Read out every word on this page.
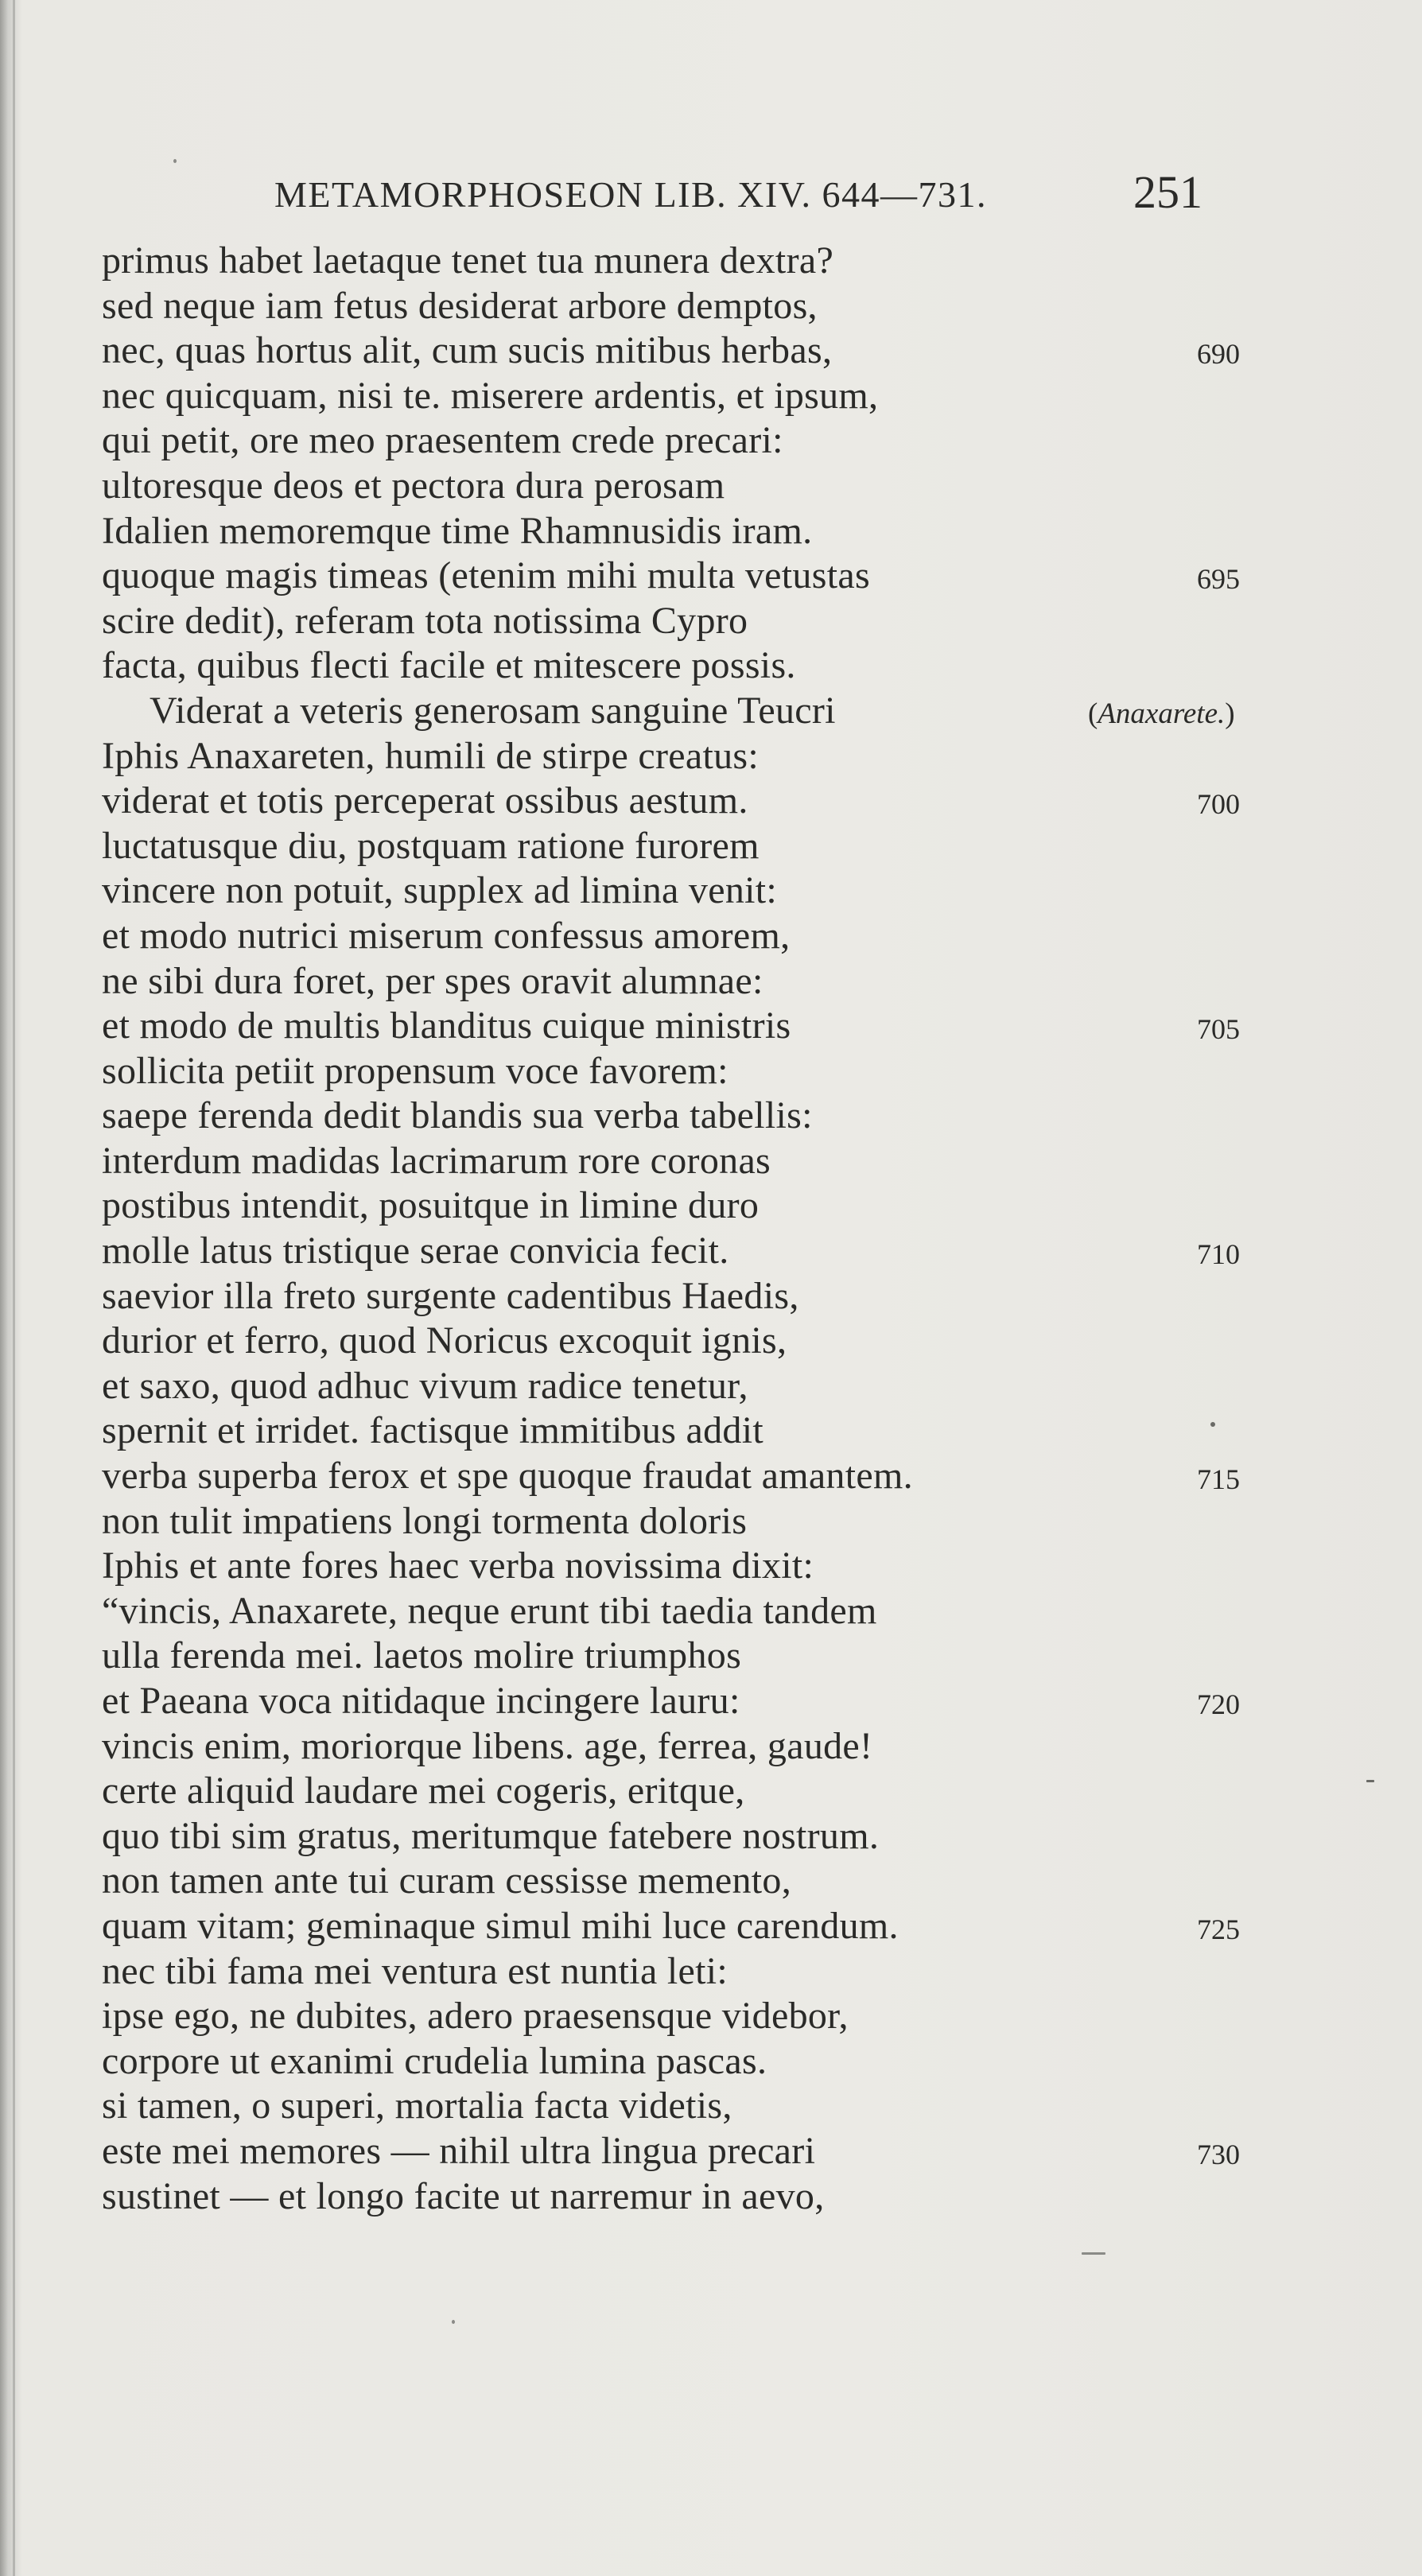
METAMORPHOSEON LIB. XIV. 644—731.	251
primus habet laetaque tenet tua munera dextra?
sed neque iam fetus desiderat arbore demptos,
nec, quas hortus alit, cum sucis mitibus herbas,	690
nec quicquam, nisi te. miserere ardentis, et ipsum,
qui petit, ore meo praesentem crede precari:
ultoresque deos et pectora dura perosam
Idalien memoremque time Rhamnusidis iram.
quoque magis timeas (etenim mihi multa vetustas	695
scire dedit), referam tota notissima Cypro
facta, quibus flecti facile et mitescere possis.
Viderat a veteris generosam sanguine Teucri	(Anaxarete.)
Iphis Anaxareten, humili de stirpe creatus:
viderat et totis perceperat ossibus aestum.	700
luctatusque diu, postquam ratione furorem
vincere non potuit, supplex ad limina venit:
et modo nutrici miserum confessus amorem,
ne sibi dura foret, per spes oravit alumnae:
et modo de multis blanditus cuique ministris	705
sollicita petiit propensum voce favorem:
saepe ferenda dedit blandis sua verba tabellis:
interdum madidas lacrimarum rore coronas
postibus intendit, posuitque in limine duro
molle latus tristique serae convicia fecit.	710
saevior illa freto surgente cadentibus Haedis,
durior et ferro, quod Noricus excoquit ignis,
et saxo, quod adhuc vivum radice tenetur,
spernit et irridet. factisque immitibus addit
verba superba ferox et spe quoque fraudat amantem.	715
non tulit impatiens longi tormenta doloris
Iphis et ante fores haec verba novissima dixit:
“vincis, Anaxarete, neque erunt tibi taedia tandem
ulla ferenda mei. laetos molire triumphos
et Paeana voca nitidaque incingere lauru:	720
vincis enim, moriorque libens. age, ferrea, gaude!
certe aliquid laudare mei cogeris, eritque,
quo tibi sim gratus, meritumque fatebere nostrum.
non tamen ante tui curam cessisse memento,
quam vitam; geminaque simul mihi luce carendum.	725
nec tibi fama mei ventura est nuntia leti:
ipse ego, ne dubites, adero praesensque videbor,
corpore ut exanimi crudelia lumina pascas.
si tamen, o superi, mortalia facta videtis,
este mei memores — nihil ultra lingua precari	730
sustinet — et longo facite ut narremur in aevo,
